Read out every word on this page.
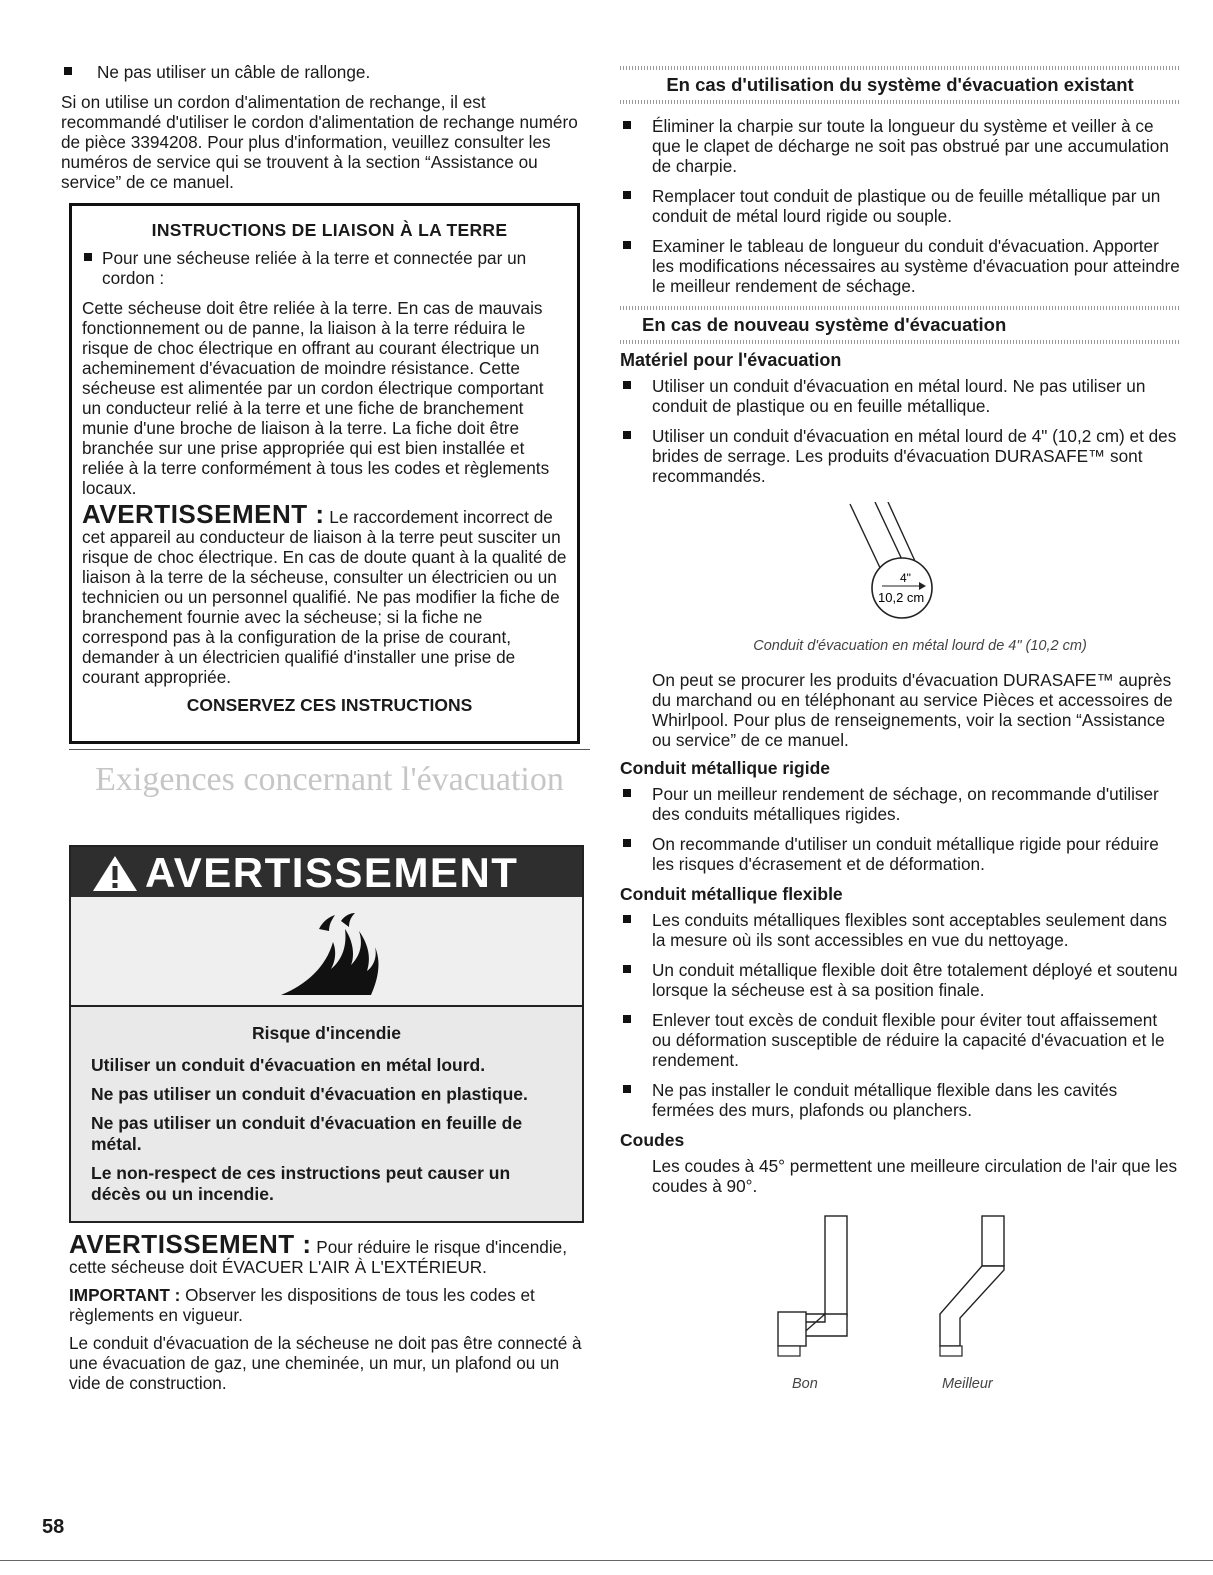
Ne pas utiliser un câble de rallonge.

Si on utilise un cordon d'alimentation de rechange, il est recommandé d'utiliser le cordon d'alimentation de rechange numéro de pièce 3394208. Pour plus d'information, veuillez consulter les numéros de service qui se trouvent à la section “Assistance ou service” de ce manuel.

INSTRUCTIONS DE LIAISON À LA TERRE
Pour une sécheuse reliée à la terre et connectée par un cordon :

Cette sécheuse doit être reliée à la terre. En cas de mauvais fonctionnement ou de panne, la liaison à la terre réduira le risque de choc électrique en offrant au courant électrique un acheminement d'évacuation de moindre résistance. Cette sécheuse est alimentée par un cordon électrique comportant un conducteur relié à la terre et une fiche de branchement munie d'une broche de liaison à la terre. La fiche doit être branchée sur une prise appropriée qui est bien installée et reliée à la terre conformément à tous les codes et règlements locaux.

AVERTISSEMENT : Le raccordement incorrect de cet appareil au conducteur de liaison à la terre peut susciter un risque de choc électrique. En cas de doute quant à la qualité de liaison à la terre de la sécheuse, consulter un électricien ou un technicien ou un personnel qualifié. Ne pas modifier la fiche de branchement fournie avec la sécheuse; si la fiche ne correspond pas à la configuration de la prise de courant, demander à un électricien qualifié d'installer une prise de courant appropriée.

CONSERVEZ CES INSTRUCTIONS
Exigences concernant l'évacuation
AVERTISSEMENT
Risque d'incendie
Utiliser un conduit d'évacuation en métal lourd.
Ne pas utiliser un conduit d'évacuation en plastique.
Ne pas utiliser un conduit d'évacuation en feuille de métal.
Le non-respect de ces instructions peut causer un décès ou un incendie.

AVERTISSEMENT : Pour réduire le risque d'incendie, cette sécheuse doit ÉVACUER L'AIR À L'EXTÉRIEUR.

IMPORTANT : Observer les dispositions de tous les codes et règlements en vigueur.

Le conduit d'évacuation de la sécheuse ne doit pas être connecté à une évacuation de gaz, une cheminée, un mur, un plafond ou un vide de construction.

En cas d'utilisation du système d'évacuation existant
Éliminer la charpie sur toute la longueur du système et veiller à ce que le clapet de décharge ne soit pas obstrué par une accumulation de charpie.
Remplacer tout conduit de plastique ou de feuille métallique par un conduit de métal lourd rigide ou souple.
Examiner le tableau de longueur du conduit d'évacuation. Apporter les modifications nécessaires au système d'évacuation pour atteindre le meilleur rendement de séchage.
En cas de nouveau système d'évacuation
Matériel pour l'évacuation
Utiliser un conduit d'évacuation en métal lourd. Ne pas utiliser un conduit de plastique ou en feuille métallique.
Utiliser un conduit d'évacuation en métal lourd de 4" (10,2 cm) et des brides de serrage. Les produits d'évacuation DURASAFE™ sont recommandés.
4"
10,2 cm
Conduit d'évacuation en métal lourd de 4" (10,2 cm)

On peut se procurer les produits d'évacuation DURASAFE™ auprès du marchand ou en téléphonant au service Pièces et accessoires de Whirlpool. Pour plus de renseignements, voir la section “Assistance ou service” de ce manuel.

Conduit métallique rigide
Pour un meilleur rendement de séchage, on recommande d'utiliser des conduits métalliques rigides.
On recommande d'utiliser un conduit métallique rigide pour réduire les risques d'écrasement et de déformation.
Conduit métallique flexible
Les conduits métalliques flexibles sont acceptables seulement dans la mesure où ils sont accessibles en vue du nettoyage.
Un conduit métallique flexible doit être totalement déployé et soutenu lorsque la sécheuse est à sa position finale.
Enlever tout excès de conduit flexible pour éviter tout affaissement ou déformation susceptible de réduire la capacité d'évacuation et le rendement.
Ne pas installer le conduit métallique flexible dans les cavités fermées des murs, plafonds ou planchers.
Coudes

Les coudes à 45° permettent une meilleure circulation de l'air que les coudes à 90°.

Bon	Meilleur
58
